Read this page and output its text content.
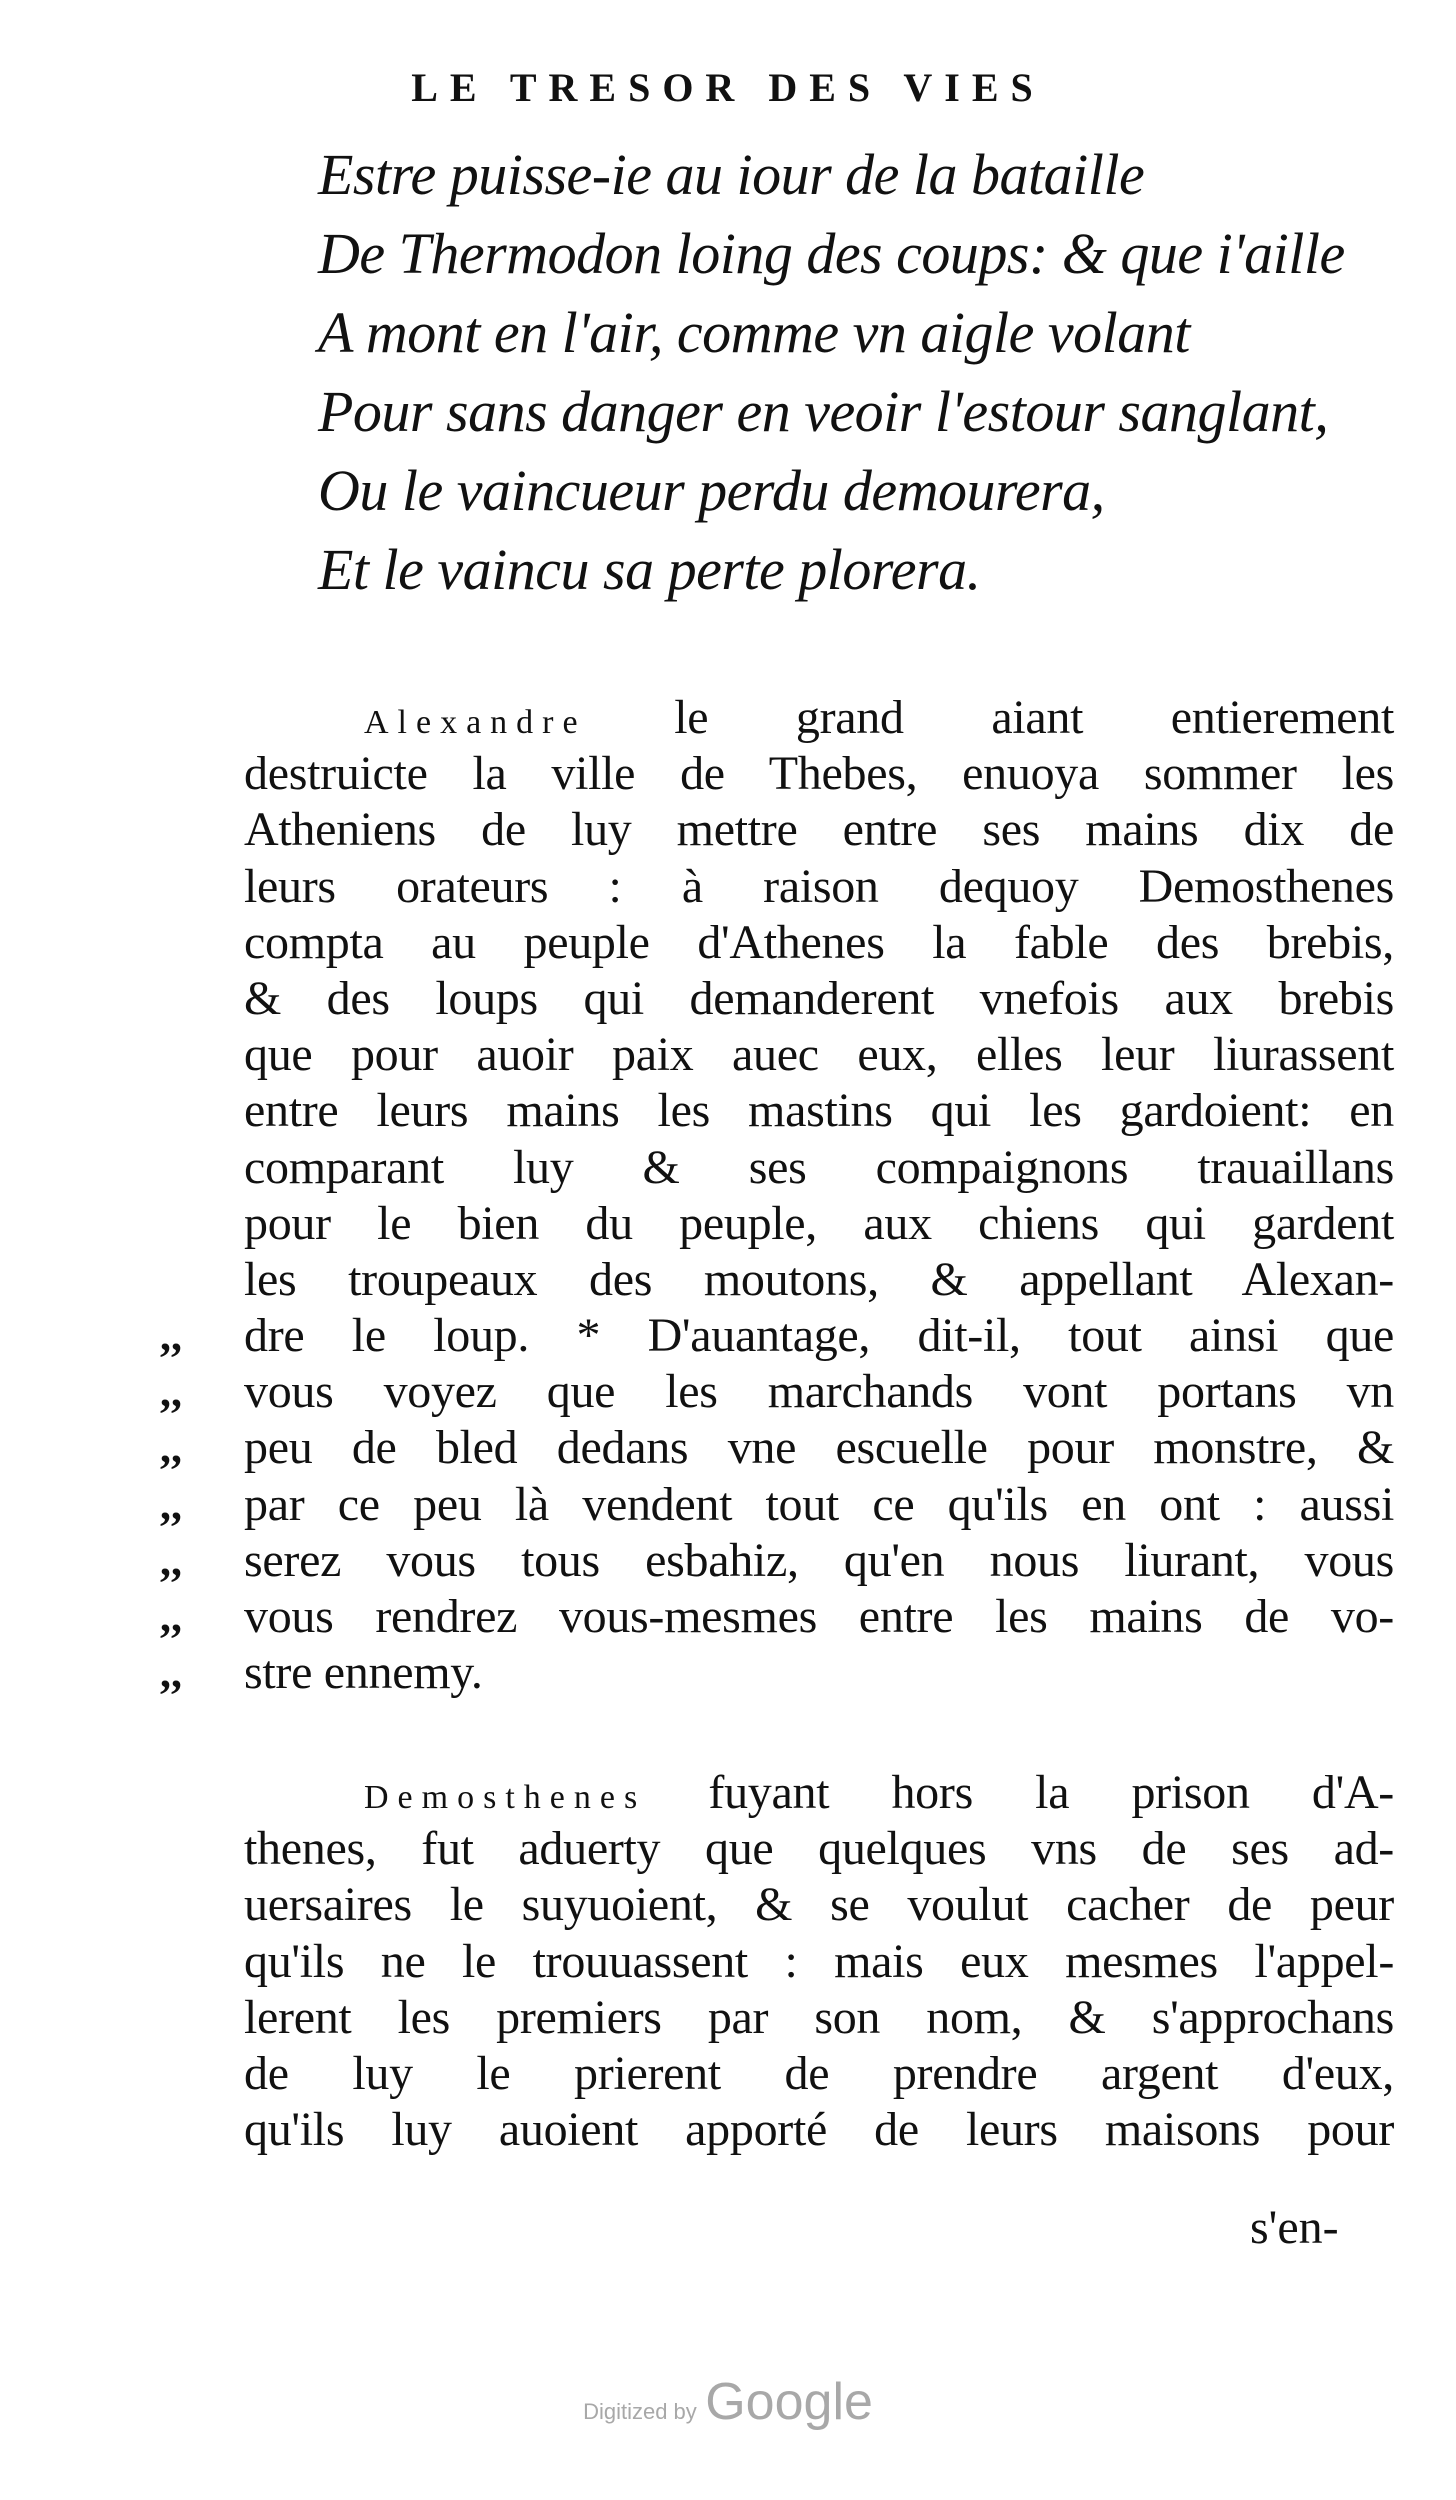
LE TRESOR DES VIES
Estre puisse-ie au iour de la bataille
De Thermodon loing des coups: & que i'aille
A mont en l'air, comme vn aigle volant
Pour sans danger en veoir l'estour sanglant,
Ou le vaincueur perdu demourera,
Et le vaincu sa perte plorera.
Alexandre le grand aiant entierement
destruicte la ville de Thebes, enuoya sommer les
Atheniens de luy mettre entre ses mains dix de
leurs orateurs : à raison dequoy Demosthenes
compta au peuple d'Athenes la fable des brebis,
& des loups qui demanderent vnefois aux brebis
que pour auoir paix auec eux, elles leur liurassent
entre leurs mains les mastins qui les gardoient: en
comparant luy & ses compaignons trauaillans
pour le bien du peuple, aux chiens qui gardent
les troupeaux des moutons, & appellant Alexan-
dre le loup. * D'auantage, dit-il, tout ainsi que
vous voyez que les marchands vont portans vn
peu de bled dedans vne escuelle pour monstre, &
par ce peu là vendent tout ce qu'ils en ont : aussi
serez vous tous esbahiz, qu'en nous liurant, vous
vous rendrez vous-mesmes entre les mains de vo-
stre ennemy.
,,
,,
,,
,,
,,
,,
,,
Demosthenes fuyant hors la prison d'A-
thenes, fut aduerty que quelques vns de ses ad-
uersaires le suyuoient, & se voulut cacher de peur
qu'ils ne le trouuassent : mais eux mesmes l'appel-
lerent les premiers par son nom, & s'approchans
de luy le prierent de prendre argent d'eux,
qu'ils luy auoient apporté de leurs maisons pour
s'en-
Digitized by Google
